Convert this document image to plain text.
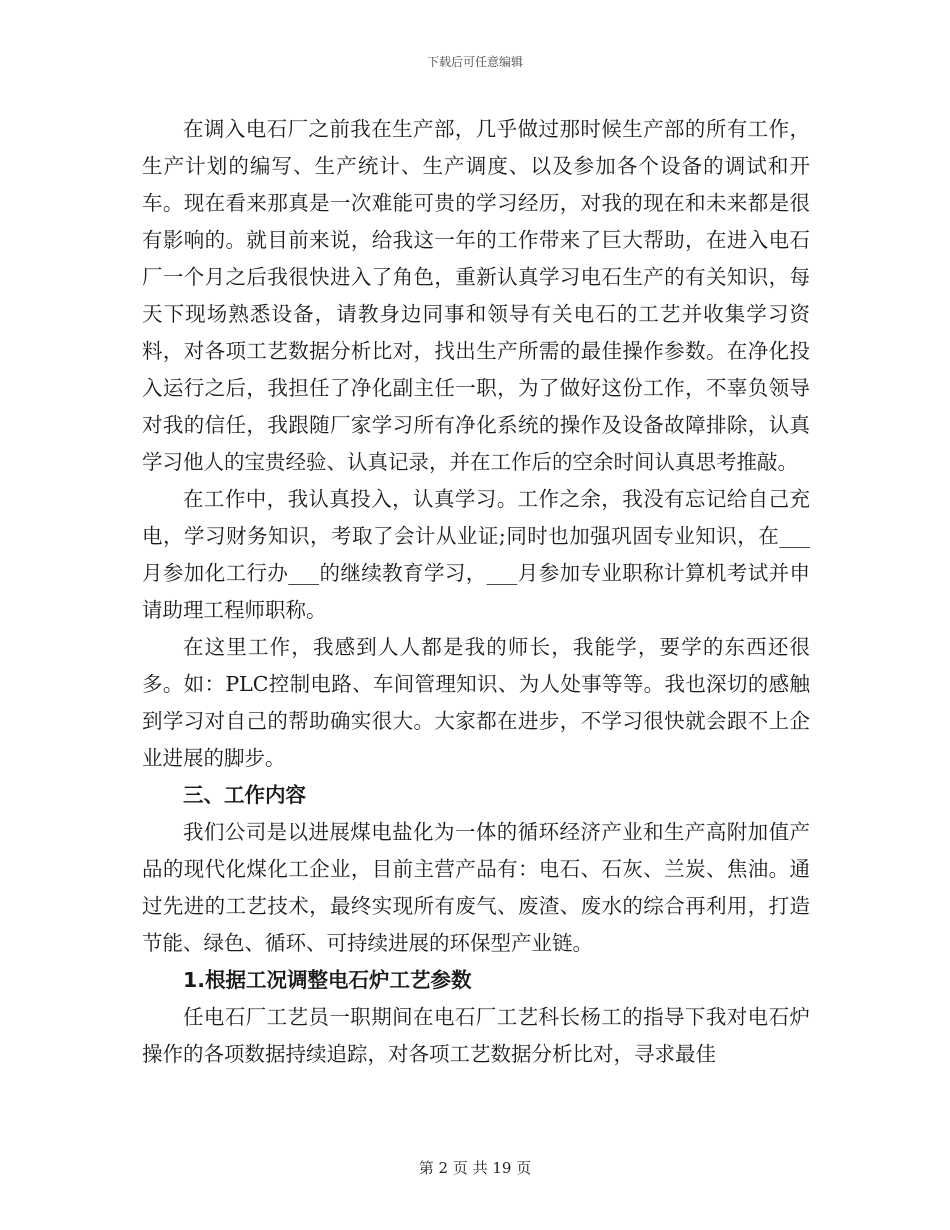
下载后可任意编辑

在调入电石厂之前我在生产部，几乎做过那时候生产部的所有工作，生产计划的编写、生产统计、生产调度、以及参加各个设备的调试和开车。现在看来那真是一次难能可贵的学习经历，对我的现在和未来都是很有影响的。就目前来说，给我这一年的工作带来了巨大帮助，在进入电石厂一个月之后我很快进入了角色，重新认真学习电石生产的有关知识，每天下现场熟悉设备，请教身边同事和领导有关电石的工艺并收集学习资料，对各项工艺数据分析比对，找出生产所需的最佳操作参数。在净化投入运行之后，我担任了净化副主任一职，为了做好这份工作，不辜负领导对我的信任，我跟随厂家学习所有净化系统的操作及设备故障排除，认真学习他人的宝贵经验、认真记录，并在工作后的空余时间认真思考推敲。

在工作中，我认真投入，认真学习。工作之余，我没有忘记给自己充电，学习财务知识，考取了会计从业证;同时也加强巩固专业知识，在___月参加化工行办___的继续教育学习，___月参加专业职称计算机考试并申请助理工程师职称。

在这里工作，我感到人人都是我的师长，我能学，要学的东西还很多。如：PLC控制电路、车间管理知识、为人处事等等。我也深切的感触到学习对自己的帮助确实很大。大家都在进步，不学习很快就会跟不上企业进展的脚步。

三、工作内容

我们公司是以进展煤电盐化为一体的循环经济产业和生产高附加值产品的现代化煤化工企业，目前主营产品有：电石、石灰、兰炭、焦油。通过先进的工艺技术，最终实现所有废气、废渣、废水的综合再利用，打造节能、绿色、循环、可持续进展的环保型产业链。

1.根据工况调整电石炉工艺参数

任电石厂工艺员一职期间在电石厂工艺科长杨工的指导下我对电石炉操作的各项数据持续追踪，对各项工艺数据分析比对，寻求最佳

第 2 页 共 19 页
